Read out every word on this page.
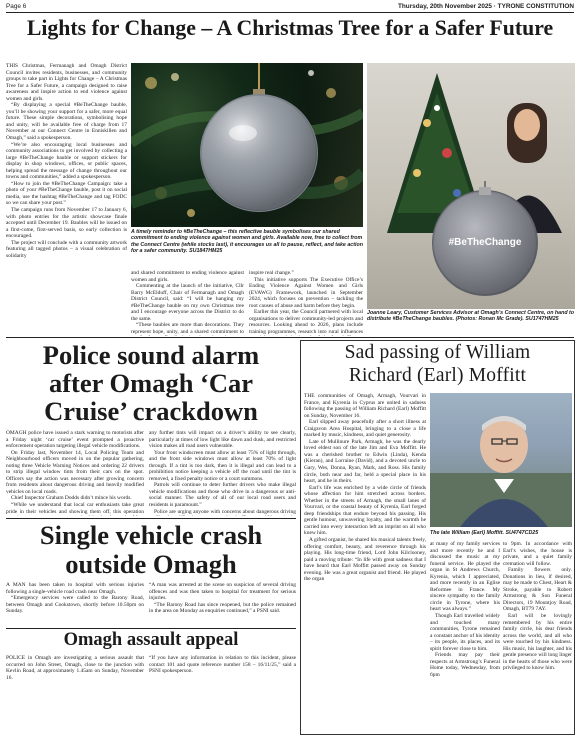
Page 6	Thursday, 20th November 2025 · TYRONE CONSTITUTION
Lights for Change – A Christmas Tree for a Safer Future

THIS Christmas, Fermanagh and Omagh District Council invites residents, businesses, and community groups to take part in Lights for Change – A Christmas Tree for a Safer Future, a campaign designed to raise awareness and inspire action to end violence against women and girls.

“By displaying a special #BeTheChange bauble, you’ll be showing your support for a safer, more equal future. These simple decorations, symbolising hope and unity, will be available free of charge from 17 November at our Connect Centre in Enniskillen and Omagh,” said a spokesperson.

“We’re also encouraging local businesses and community associations to get involved by collecting a large #BeTheChange bauble or support stickers for display in shop windows, offices, or public spaces, helping spread the message of change throughout our towns and communities,” added a spokesperson.

“How to join the #BeTheChange Campaign: take a photo of your #BeTheChange bauble, post it on social media, use the hashtag #BeTheChange and tag FODC so we can share your post.”

The campaign runs from November 17 to January 6, with photo entries for the artistic showcase finale accepted until December 19. Baubles will be issued on a first-come, first-served basis, so early collection is encouraged.

The project will conclude with a community artwork featuring all tagged photos – a visual celebration of solidarity

A timely reminder to #BeTheChange – this reflective bauble symbolises our shared commitment to ending violence against women and girls. Available now, free to collect from the Connect Centre (while stocks last), it encourages us all to pause, reflect, and take action for a safer community. SU1847HM25

and shared commitment to ending violence against women and girls.

Commenting at the launch of the initiative, Cllr Barry McElduff, Chair of Fermanagh and Omagh District Council, said: “I will be hanging my #BeTheChange bauble on my own Christmas tree and I encourage everyone across the District to do the same.

“These baubles are more than decorations. They represent hope, unity, and a shared commitment to

inspire real change.”

This initiative supports The Executive Office’s Ending Violence Against Women and Girls (EVAWG) Framework, launched in September 2024, which focuses on prevention – tackling the root causes of abuse and harm before they begin.

Earlier this year, the Council partnered with local organisations to deliver community-led projects and resources. Looking ahead to 2026, plans include training programmes, research into rural influences

#BeTheChange
Joanne Leary, Customer Services Advisor at Omagh’s Connect Centre, on hand to distribute #BeTheChange baubles. (Photos: Ronan Mc Grade). SU1747HM25
Police sound alarm
after Omagh ‘Car
Cruise’ crackdown

OMAGH police have issued a stark warning to motorists after a Friday night ‘car cruise’ event prompted a proactive enforcement operation targeting illegal vehicle modifications.

On Friday last, November 14, Local Policing Team and Neighbourhood officers moved in on the popular gathering, noting three Vehicle Warning Notices and ordering 22 drivers to strip illegal window tints from their cars on the spot. Officers say the action was necessary after growing concern from residents about dangerous driving and heavily modified vehicles on local roads.

Chief Inspector Graham Dodds didn’t mince his words.

“While we understand that local car enthusiasts take great pride in their vehicles and showing them off, this operation

any further tints will impact on a driver’s ability to see clearly, particularly at times of low light like dawn and dusk, and restricted vision makes all road users vulnerable.

Your front windscreen must allow at least 75% of light through, and the front side windows must allow at least 70% of light through. If a tint is too dark, then it is illegal and can lead to a prohibition notice keeping a vehicle off the road until the tint is removed, a fixed penalty notice or a court summons.

Patrols will continue to deter further drivers who make illegal vehicle modifications and those who drive in a dangerous or anti-social manner. The safety of all of our local road users and residents is paramount.”

Police are urging anyone with concerns about dangerous driving

Single vehicle crash
outside Omagh

A MAN has been taken to hospital with serious injuries following a single-vehicle road crash near Omagh.

“Emergency services were called to the Barony Road, between Omagh and Cookstown, shortly before 10.50pm on Sunday.

“A man was arrested at the scene on suspicion of several driving offences and was then taken to hospital for treatment for serious injuries.

“The Barony Road has since reopened, but the police remained in the area on Monday as enquiries continued,” a PSNI said.

Omagh assault appeal

POLICE in Omagh are investigating a serious assault that occurred on John Street, Omagh, close to the junction with Kevlin Road, at approximately 1.45am on Sunday, November 16.

“If you have any information in relation to this incident, please contact 101 and quote reference number 158 – 16/11/25,” said a PSNI spokesperson.

Sad passing of William
Richard (Earl) Moffitt

THE communities of Omagh, Armagh, Vourvari in France, and Kyrenia in Cyprus are united in sadness following the passing of William Richard (Earl) Moffitt on Sunday, November 16.

Earl slipped away peacefully after a short illness at Craigavon Area Hospital, bringing to a close a life marked by music, kindness, and quiet generosity.

Late of Mullinure Park, Armagh, he was the dearly loved eldest son of the late Jim and Eva Moffitt. He was a cherished brother to Edwin (Linda), Kenda (Kieran), and Lorraine (David), and a devoted uncle to Gary, Wes, Donna, Ryan, Mark, and Ross. His family circle, both near and far, held a special place in his heart, and he in theirs.

Earl’s life was enriched by a wide circle of friends whose affection for him stretched across borders. Whether in the streets of Armagh, the small lanes of Vourvari, or the coastal beauty of Kyrenia, Earl forged deep friendships that endure beyond his passing. His gentle humour, unwavering loyalty, and the warmth he carried into every interaction left an imprint on all who knew him.

A gifted organist, he shared his musical talents freely, offering comfort, beauty, and reverence through his playing. His long-time friend, Lord John Kilclooney, paid a moving tribute: “In life with great sadness that I have heard that Earl Moffitt passed away on Sunday evening. He was a great organist and friend. He played the organ

The late William (Earl) Moffitt. SU4747CD25

at many of my family services and more recently he and I discussed the music at my funeral service. He played the organ in St Andrews Church, Kyrenia, which I appreciated, and more recently in an Eglise Reformee in France. My sincere sympathy to the family circle in Tyrone, where his heart was always.”

Though Earl travelled widely and touched many communities, Tyrone remained a constant anchor of his identity – its people, its places, and its spirit forever close to him.

Friends may pay their respects at Armstrong’s Funeral Home today, Wednesday, from 6pm

to 9pm. In accordance with Earl’s wishes, the house is private, and a quiet family cremation will follow.

Family flowers only. Donations in lieu, if desired, may be made to Chest, Heart & Stroke, payable to Robert Armstrong & Son Funeral Directors, 19 Mountjoy Road, Omagh, BT79 7AY.

Earl will be lovingly remembered by his entire family circle, his dear friends across the world, and all who were touched by his kindness. His music, his laughter, and his gentle presence will long linger in the hearts of those who were privileged to know him.
